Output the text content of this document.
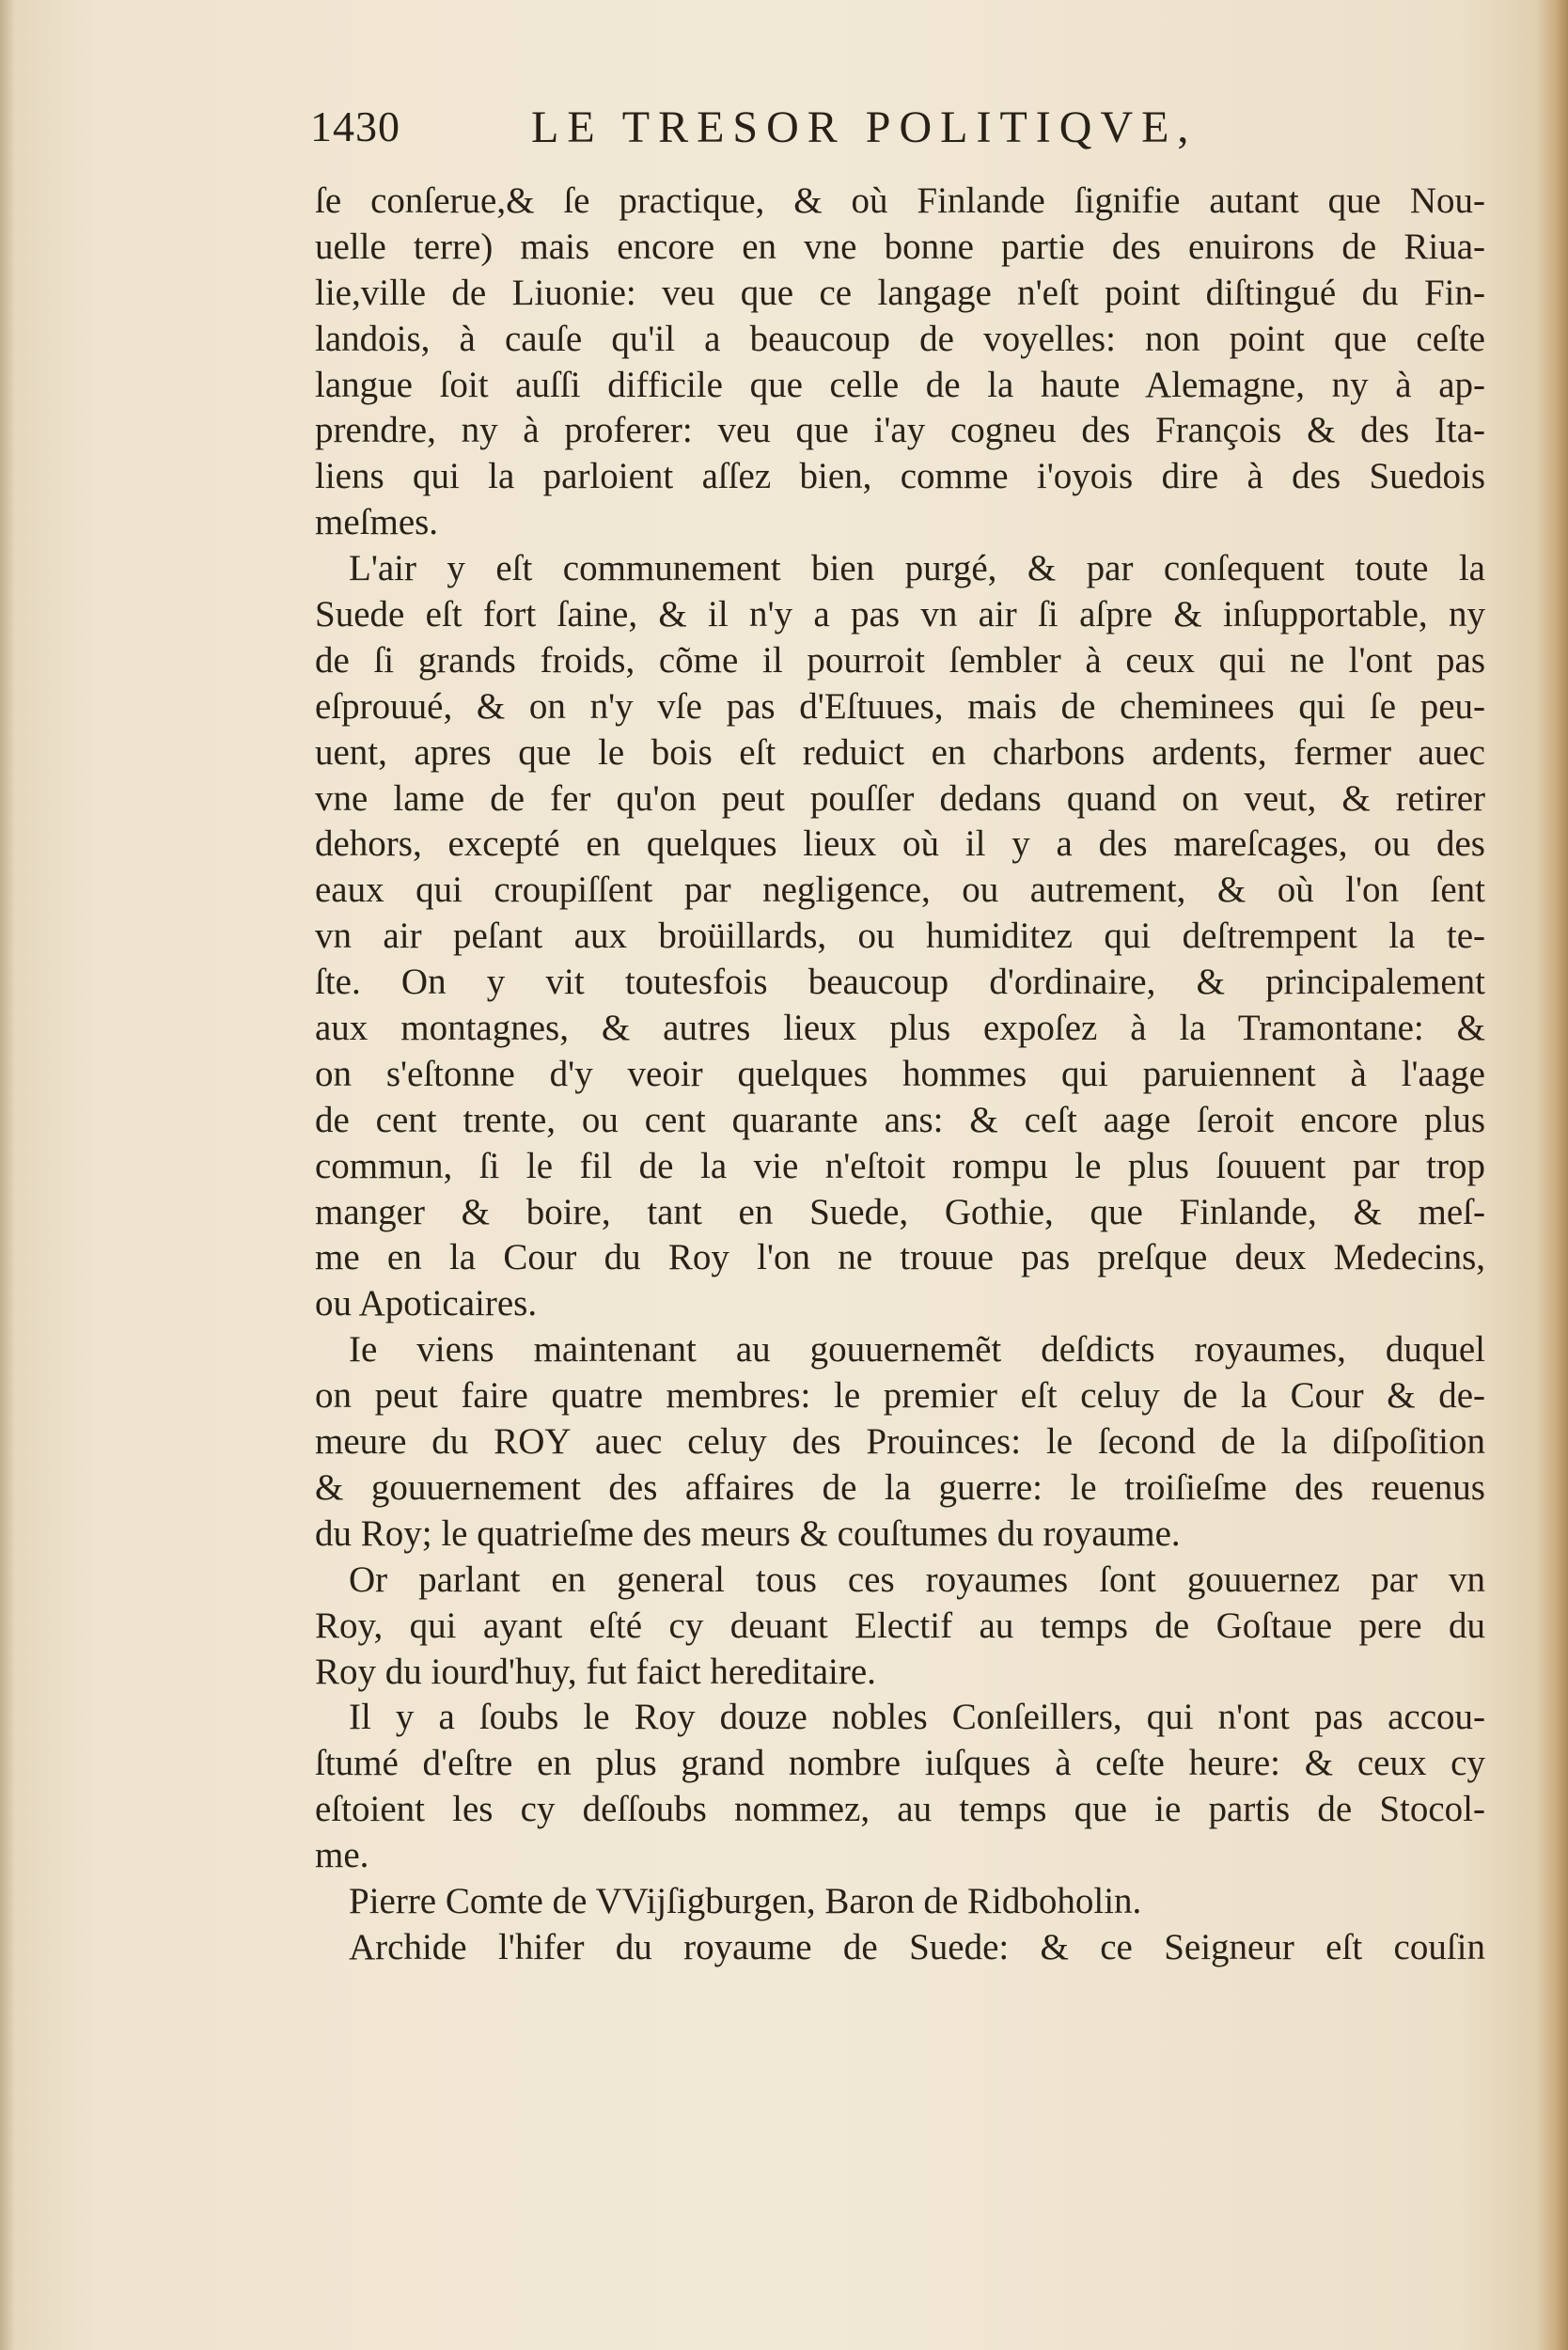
1430	LE TRESOR POLITIQVE,
ſe conſerue,& ſe practique, & où Finlande ſignifie autant que Nou-
uelle terre) mais encore en vne bonne partie des enuirons de Riua-
lie,ville de Liuonie: veu que ce langage n'eſt point diſtingué du Fin-
landois, à cauſe qu'il a beaucoup de voyelles: non point que ceſte
langue ſoit auſſi difficile que celle de la haute Alemagne, ny à ap-
prendre, ny à proferer: veu que i'ay cogneu des François & des Ita-
liens qui la parloient aſſez bien, comme i'oyois dire à des Suedois
meſmes.
L'air y eſt communement bien purgé, & par conſequent toute la
Suede eſt fort ſaine, & il n'y a pas vn air ſi aſpre & inſupportable, ny
de ſi grands froids, cõme il pourroit ſembler à ceux qui ne l'ont pas
eſprouué, & on n'y vſe pas d'Eſtuues, mais de cheminees qui ſe peu-
uent, apres que le bois eſt reduict en charbons ardents, fermer auec
vne lame de fer qu'on peut pouſſer dedans quand on veut, & retirer
dehors, excepté en quelques lieux où il y a des mareſcages, ou des
eaux qui croupiſſent par negligence, ou autrement, & où l'on ſent
vn air peſant aux broüillards, ou humiditez qui deſtrempent la te-
ſte. On y vit toutesfois beaucoup d'ordinaire, & principalement
aux montagnes, & autres lieux plus expoſez à la Tramontane: &
on s'eſtonne d'y veoir quelques hommes qui paruiennent à l'aage
de cent trente, ou cent quarante ans: & ceſt aage ſeroit encore plus
commun, ſi le fil de la vie n'eſtoit rompu le plus ſouuent par trop
manger & boire, tant en Suede, Gothie, que Finlande, & meſ-
me en la Cour du Roy l'on ne trouue pas preſque deux Medecins,
ou Apoticaires.
Ie viens maintenant au gouuernemẽt deſdicts royaumes, duquel
on peut faire quatre membres: le premier eſt celuy de la Cour & de-
meure du ROY auec celuy des Prouinces: le ſecond de la diſpoſition
& gouuernement des affaires de la guerre: le troiſieſme des reuenus
du Roy; le quatrieſme des meurs & couſtumes du royaume.
Or parlant en general tous ces royaumes ſont gouuernez par vn
Roy, qui ayant eſté cy deuant Electif au temps de Goſtaue pere du
Roy du iourd'huy, fut faict hereditaire.
Il y a ſoubs le Roy douze nobles Conſeillers, qui n'ont pas accou-
ſtumé d'eſtre en plus grand nombre iuſques à ceſte heure: & ceux cy
eſtoient les cy deſſoubs nommez, au temps que ie partis de Stocol-
me.
Pierre Comte de VVijſigburgen, Baron de Ridboholin.
Archide l'hifer du royaume de Suede: & ce Seigneur eſt couſin
